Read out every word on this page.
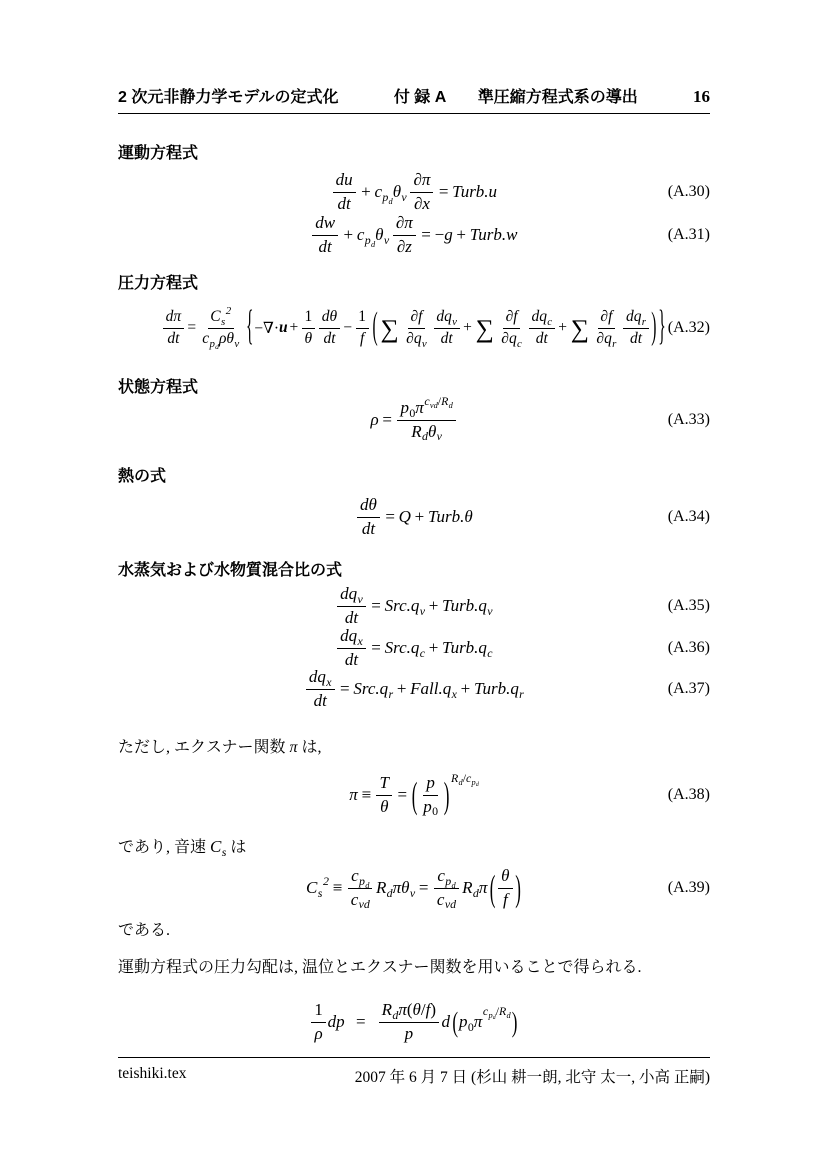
2 次元非静力学モデルの定式化	付 録 A　　準圧縮方程式系の導出	16
運動方程式
du
dt
+ c p d
θ v $\frac{\partial\pi}{\partial x}$ = Turb.u	(A.30)
dw
dt
+ c p d
θ v $\frac{\partial\pi}{\partial z}$ = − g + Turb.w	(A.31)
圧力方程式
$\frac{d\pi}{dt}$ =
C s
2
c p d ρθ v { −∇· $u + \frac{1}{\theta}$ dθ
dt
− $\frac{1}{f}$ ( ∑ ∂f
∂q v
dq v
dt
+ ∑ ∂f
∂q c
dq c
dt
+ ∑ ∂f
∂q r
dq r
dt ) } (A.32)
状態方程式
ρ =
p 0 π c vd / R d
R d θ v
(A.33)
熱の式
$\frac{d\theta}{dt} = Q$ + Turb.θ	(A.34)
水蒸気および水物質混合比の式
dq v
dt
= Src.q v + Turb.q v	(A.35)
dq x
dt
= Src.q c + Turb.q c	(A.36)
dq x
dt
= Src.q r + Fall.q x + Turb.q r	(A.37)
ただし, エクスナー関数 π は,
$\pi \equiv \frac{T}{\theta}$ = ( p
p 0 ) R d / c p d
(A.38)
であり, 音速 C s は
C s
2 ≡
c p d
c vd
R d πθ v =
c p d
c vd
R d π ( θ
f )	(A.39)
である.
運動方程式の圧力勾配は, 温位とエクスナー関数を用いることで得られる.
1
ρ
dp =
R d π ( θ / f )
p
d ( p 0 π
c p d / R d )
teishiki.tex	2007 年 6 月 7 日 (杉山 耕一朗, 北守 太一, 小高 正嗣)
